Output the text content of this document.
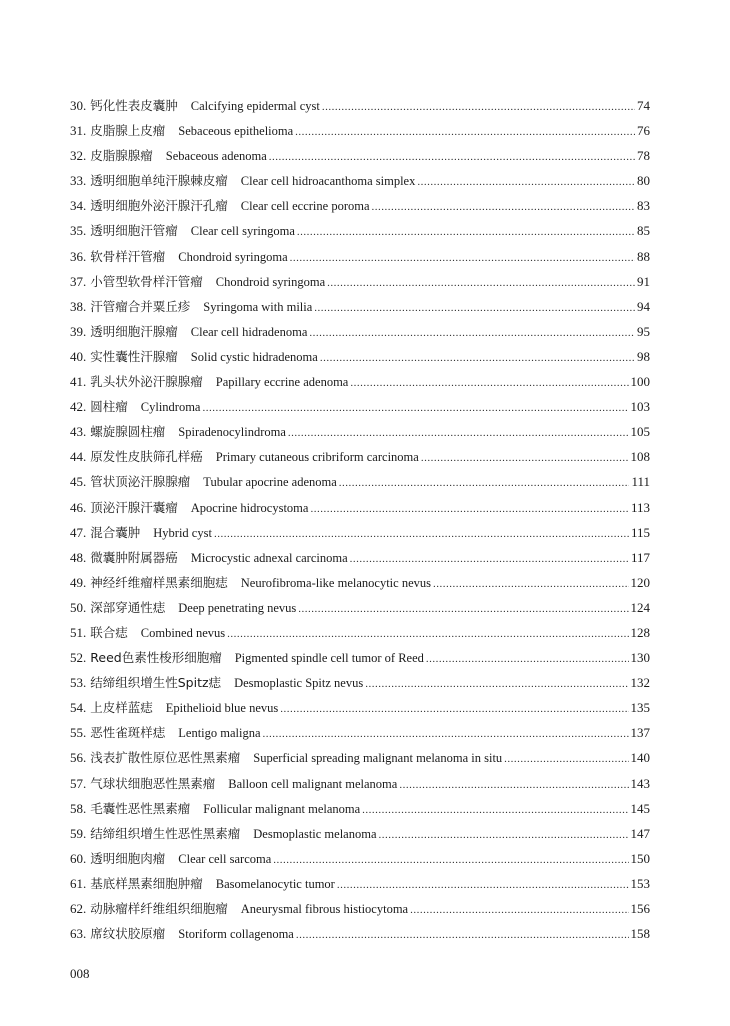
30. 钙化性表皮囊肿 Calcifying epidermal cyst .....	74
31. 皮脂腺上皮瘤 Sebaceous epithelioma .....	76
32. 皮脂腺腺瘤 Sebaceous adenoma .....	78
33. 透明细胞单纯汗腺棘皮瘤 Clear cell hidroacanthoma simplex .....	80
34. 透明细胞外泌汗腺汗孔瘤 Clear cell eccrine poroma .....	83
35. 透明细胞汗管瘤 Clear cell syringoma .....	85
36. 软骨样汗管瘤 Chondroid syringoma .....	88
37. 小管型软骨样汗管瘤 Chondroid syringoma .....	91
38. 汗管瘤合并粟丘疹 Syringoma with milia .....	94
39. 透明细胞汗腺瘤 Clear cell hidradenoma .....	95
40. 实性囊性汗腺瘤 Solid cystic hidradenoma .....	98
41. 乳头状外泌汗腺腺瘤 Papillary eccrine adenoma .....	100
42. 圆柱瘤 Cylindroma .....	103
43. 螺旋腺圆柱瘤 Spiradenocylindroma .....	105
44. 原发性皮肤筛孔样癌 Primary cutaneous cribriform carcinoma .....	108
45. 管状顶泌汗腺腺瘤 Tubular apocrine adenoma .....	111
46. 顶泌汗腺汗囊瘤 Apocrine hidrocystoma .....	113
47. 混合囊肿 Hybrid cyst .....	115
48. 微囊肿附属器癌 Microcystic adnexal carcinoma .....	117
49. 神经纤维瘤样黑素细胞痣 Neurofibroma-like melanocytic nevus .....	120
50. 深部穿通性痣 Deep penetrating nevus .....	124
51. 联合痣 Combined nevus .....	128
52. Reed色素性梭形细胞瘤 Pigmented spindle cell tumor of Reed .....	130
53. 结缔组织增生性Spitz痣 Desmoplastic Spitz nevus .....	132
54. 上皮样蓝痣 Epithelioid blue nevus .....	135
55. 恶性雀斑样痣 Lentigo maligna .....	137
56. 浅表扩散性原位恶性黑素瘤 Superficial spreading malignant melanoma in situ .....	140
57. 气球状细胞恶性黑素瘤 Balloon cell malignant melanoma .....	143
58. 毛囊性恶性黑素瘤 Follicular malignant melanoma .....	145
59. 结缔组织增生性恶性黑素瘤 Desmoplastic melanoma .....	147
60. 透明细胞肉瘤 Clear cell sarcoma .....	150
61. 基底样黑素细胞肿瘤 Basomelanocytic tumor .....	153
62. 动脉瘤样纤维组织细胞瘤 Aneurysmal fibrous histiocytoma .....	156
63. 席纹状胶原瘤 Storiform collagenoma .....	158
008
